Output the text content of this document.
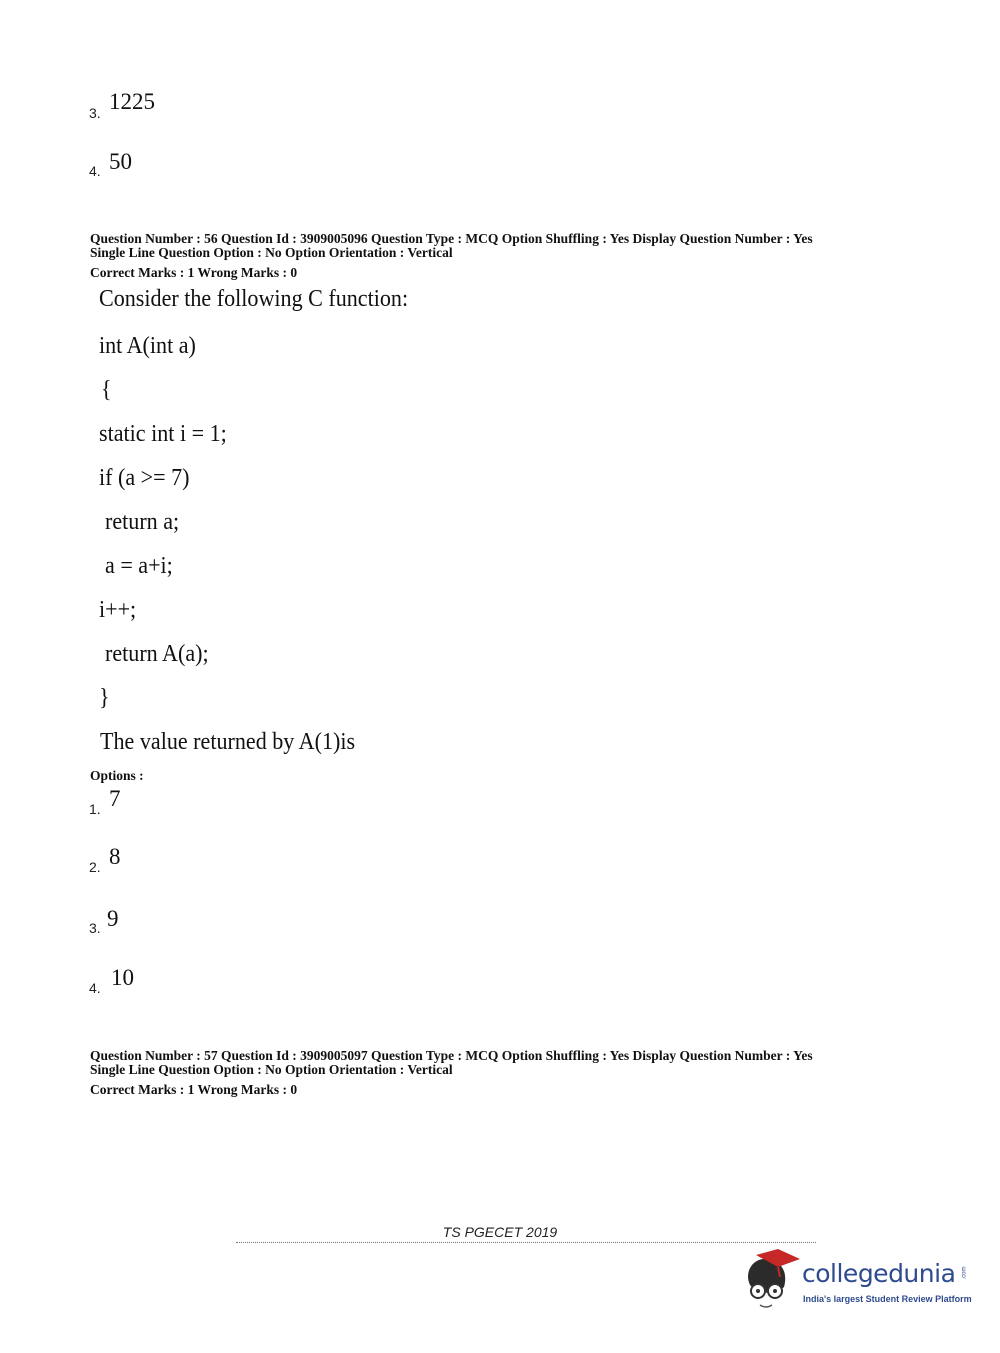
3. 1225
4. 50
Question Number : 56 Question Id : 3909005096 Question Type : MCQ Option Shuffling : Yes Display Question Number : Yes
Single Line Question Option : No Option Orientation : Vertical
Correct Marks : 1 Wrong Marks : 0
Consider the following C function:
int A(int a)
{
static int i = 1;
if (a >= 7)
return a;
a = a+i;
i++;
return A(a);
}
The value returned by A(1)is
Options :
1. 7
2. 8
3. 9
4. 10
Question Number : 57 Question Id : 3909005097 Question Type : MCQ Option Shuffling : Yes Display Question Number : Yes
Single Line Question Option : No Option Orientation : Vertical
Correct Marks : 1 Wrong Marks : 0
TS PGECET 2019
collegedunia .com
India's largest Student Review Platform
